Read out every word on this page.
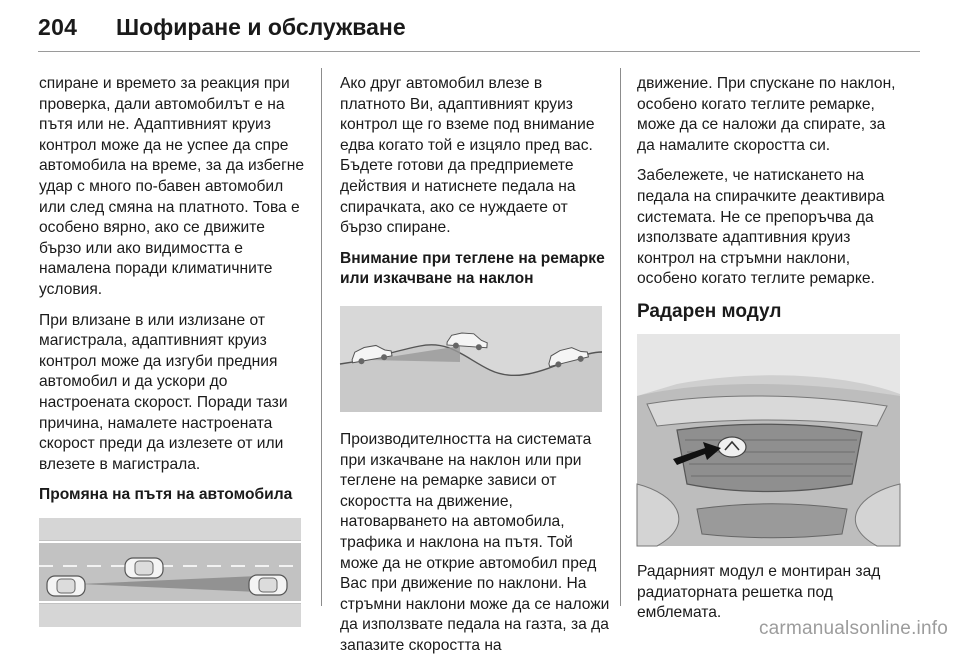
204 Шофиране и обслужване

спиране и времето за реакция при проверка, дали автомобилът е на пътя или не. Адаптивният круиз контрол може да не успее да спре автомобила на време, за да избегне удар с много по-бавен автомобил или след смяна на платното. Това е особено вярно, ако се движите бързо или ако видимостта е намалена поради климатичните условия.

При влизане в или излизане от магистрала, адаптивният круиз контрол може да изгуби предния автомобил и да ускори до настроената скорост. Поради тази причина, намалете настроената скорост преди да излезете от или влезете в магистрала.

Промяна на пътя на автомобила

Ако друг автомобил влезе в платното Ви, адаптивният круиз контрол ще го вземе под внимание едва когато той е изцяло пред вас. Бъдете готови да предприемете действия и натиснете педала на спирачката, ако се нуждаете от бързо спиране.

Внимание при теглене на ремарке или изкачване на наклон

Производителността на системата при изкачване на наклон или при теглене на ремарке зависи от скоростта на движение, натоварването на автомобила, трафика и наклона на пътя. Той може да не открие автомобил пред Вас при движение по наклони. На стръмни наклони може да се наложи да използвате педала на газта, за да запазите скоростта на

движение. При спускане по наклон, особено когато теглите ремарке, може да се наложи да спирате, за да намалите скоростта си.

Забележете, че натискането на педала на спирачките деактивира системата. Не се препоръчва да използвате адаптивния круиз контрол на стръмни наклони, особено когато теглите ремарке.

Радарен модул

Радарният модул е монтиран зад радиаторната решетка под емблемата.

carmanualsonline.info
